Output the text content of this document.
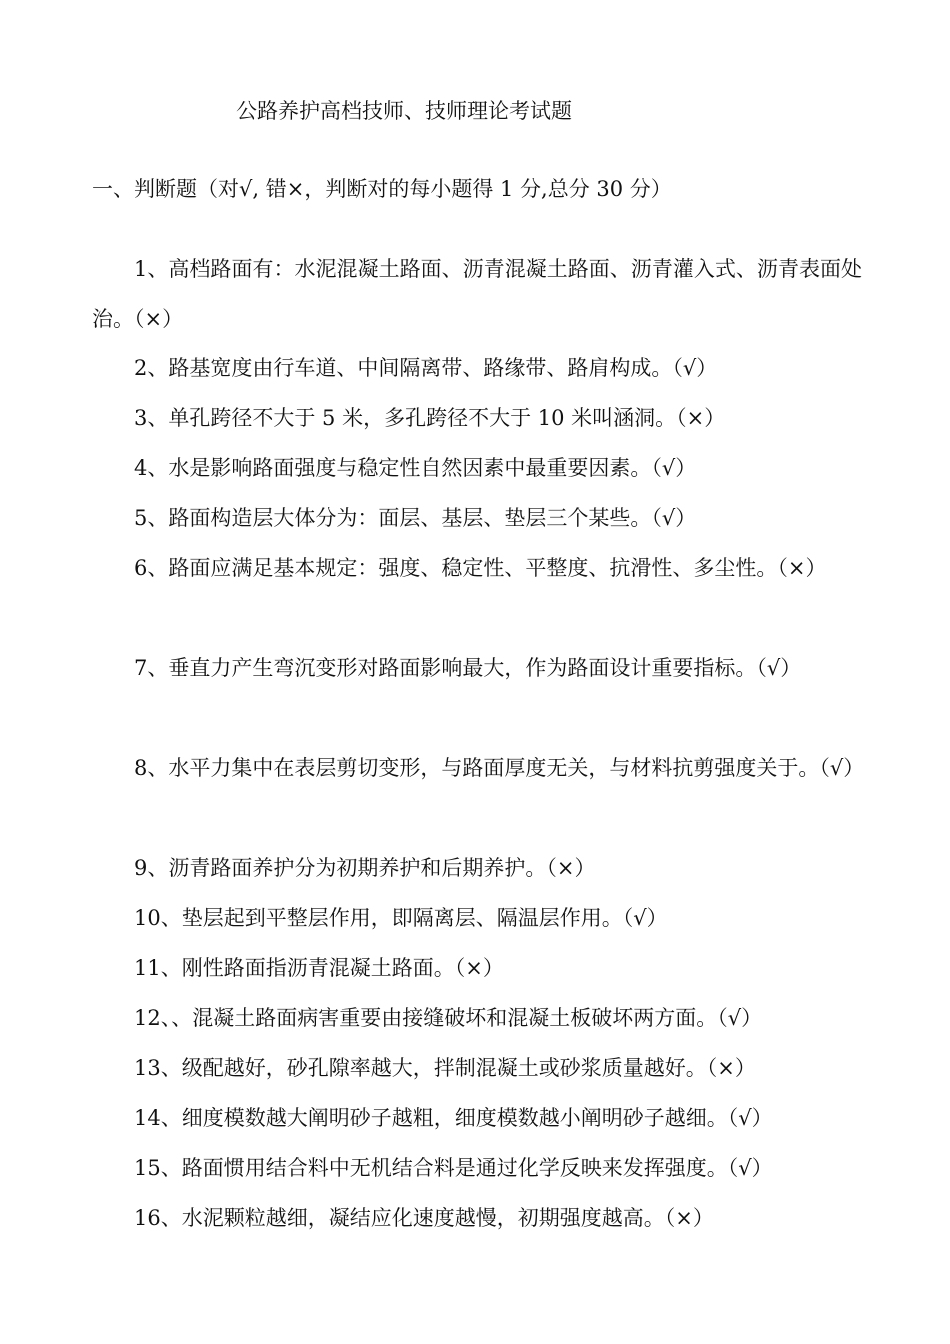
公路养护高档技师、技师理论考试题
一、判断题（对√, 错×，判断对的每小题得 1 分,总分 30 分）

1、高档路面有：水泥混凝土路面、沥青混凝土路面、沥青灌入式、沥青表面处治。（×）

2、路基宽度由行车道、中间隔离带、路缘带、路肩构成。（√）

3、单孔跨径不大于 5 米，多孔跨径不大于 10 米叫涵洞。（×）

4、水是影响路面强度与稳定性自然因素中最重要因素。（√）

5、路面构造层大体分为：面层、基层、垫层三个某些。（√）

6、路面应满足基本规定：强度、稳定性、平整度、抗滑性、多尘性。（×）

7、垂直力产生弯沉变形对路面影响最大，作为路面设计重要指标。（√）

8、水平力集中在表层剪切变形，与路面厚度无关，与材料抗剪强度关于。（√）

9、沥青路面养护分为初期养护和后期养护。（×）

10、垫层起到平整层作用，即隔离层、隔温层作用。（√）

11、刚性路面指沥青混凝土路面。（×）

12、、混凝土路面病害重要由接缝破坏和混凝土板破坏两方面。（√）

13、级配越好，砂孔隙率越大，拌制混凝土或砂浆质量越好。（×）

14、细度模数越大阐明砂子越粗，细度模数越小阐明砂子越细。（√）

15、路面惯用结合料中无机结合料是通过化学反映来发挥强度。（√）

16、水泥颗粒越细，凝结应化速度越慢，初期强度越高。（×）
